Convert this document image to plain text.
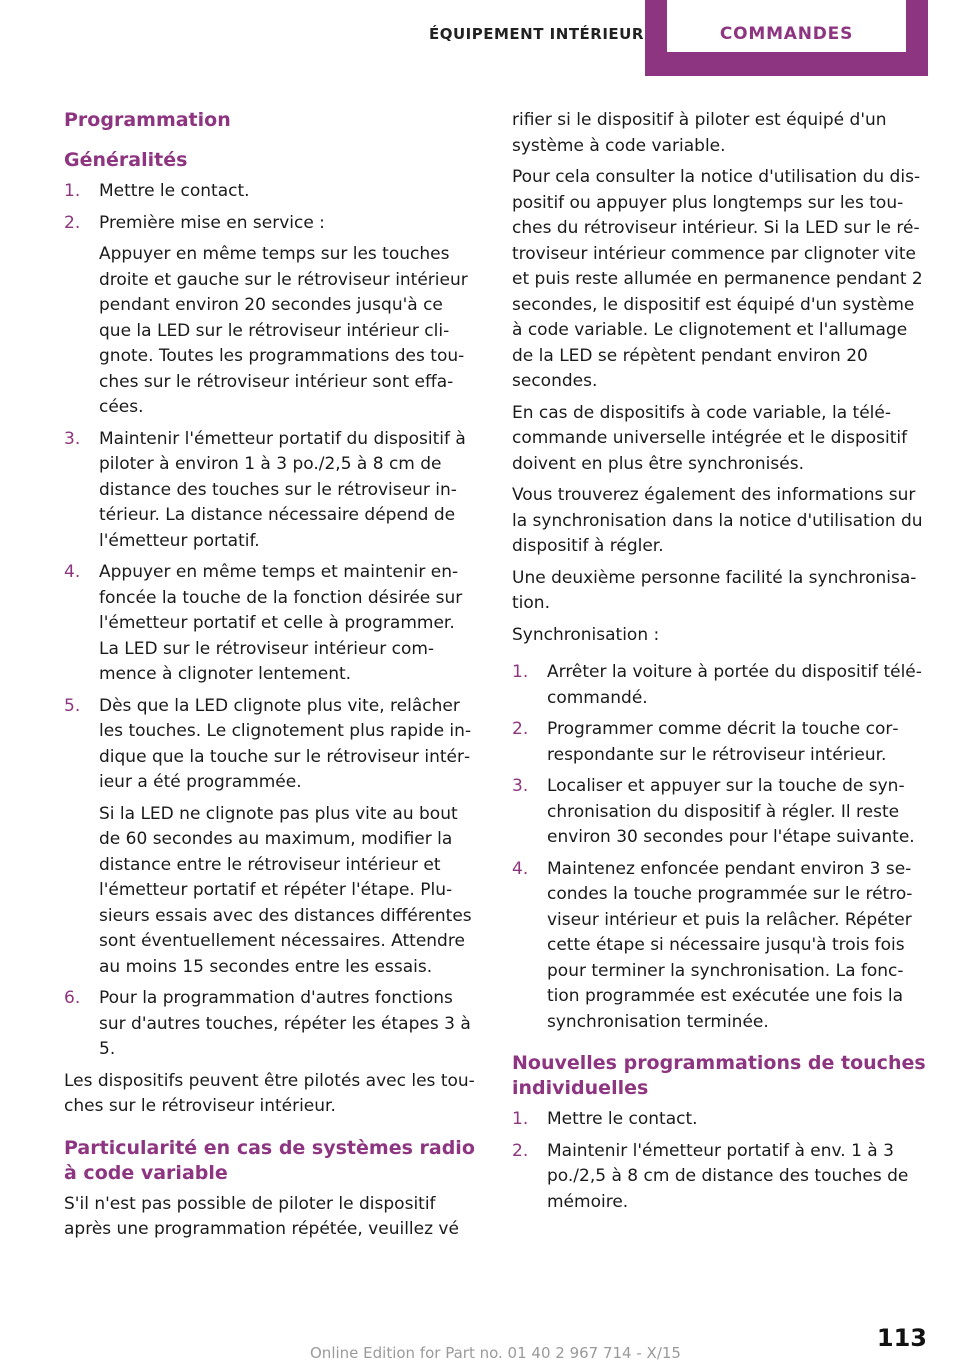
ÉQUIPEMENT INTÉRIEUR	COMMANDES
Programmation
Généralités
1. Mettre le contact.
2. Première mise en service :
Appuyer en même temps sur les touches droite et gauche sur le rétroviseur intérieur pendant environ 20 secondes jusqu'à ce que la LED sur le rétroviseur intérieur clignote. Toutes les programmations des touches sur le rétroviseur intérieur sont effacées.
3. Maintenir l'émetteur portatif du dispositif à piloter à environ 1 à 3 po./2,5 à 8 cm de distance des touches sur le rétroviseur intérieur. La distance nécessaire dépend de l'émetteur portatif.
4. Appuyer en même temps et maintenir enfoncée la touche de la fonction désirée sur l'émetteur portatif et celle à programmer. La LED sur le rétroviseur intérieur commence à clignoter lentement.
5. Dès que la LED clignote plus vite, relâcher les touches. Le clignotement plus rapide indique que la touche sur le rétroviseur intérieur a été programmée.
Si la LED ne clignote pas plus vite au bout de 60 secondes au maximum, modifier la distance entre le rétroviseur intérieur et l'émetteur portatif et répéter l'étape. Plusieurs essais avec des distances différentes sont éventuellement nécessaires. Attendre au moins 15 secondes entre les essais.
6. Pour la programmation d'autres fonctions sur d'autres touches, répéter les étapes 3 à 5.
Les dispositifs peuvent être pilotés avec les touches sur le rétroviseur intérieur.
Particularité en cas de systèmes radio à code variable
S'il n'est pas possible de piloter le dispositif après une programmation répétée, veuillez vé
rifier si le dispositif à piloter est équipé d'un système à code variable.
Pour cela consulter la notice d'utilisation du dispositif ou appuyer plus longtemps sur les touches du rétroviseur intérieur. Si la LED sur le rétroviseur intérieur commence par clignoter vite et puis reste allumée en permanence pendant 2 secondes, le dispositif est équipé d'un système à code variable. Le clignotement et l'allumage de la LED se répètent pendant environ 20 secondes.
En cas de dispositifs à code variable, la télécommande universelle intégrée et le dispositif doivent en plus être synchronisés.
Vous trouverez également des informations sur la synchronisation dans la notice d'utilisation du dispositif à régler.
Une deuxième personne facilité la synchronisation.
Synchronisation :
1. Arrêter la voiture à portée du dispositif télécommandé.
2. Programmer comme décrit la touche correspondante sur le rétroviseur intérieur.
3. Localiser et appuyer sur la touche de synchronisation du dispositif à régler. Il reste environ 30 secondes pour l'étape suivante.
4. Maintenez enfoncée pendant environ 3 secondes la touche programmée sur le rétroviseur intérieur et puis la relâcher. Répéter cette étape si nécessaire jusqu'à trois fois pour terminer la synchronisation. La fonction programmée est exécutée une fois la synchronisation terminée.
Nouvelles programmations de touches individuelles
1. Mettre le contact.
2. Maintenir l'émetteur portatif à env. 1 à 3 po./2,5 à 8 cm de distance des touches de mémoire.
Online Edition for Part no. 01 40 2 967 714 - X/15
113
